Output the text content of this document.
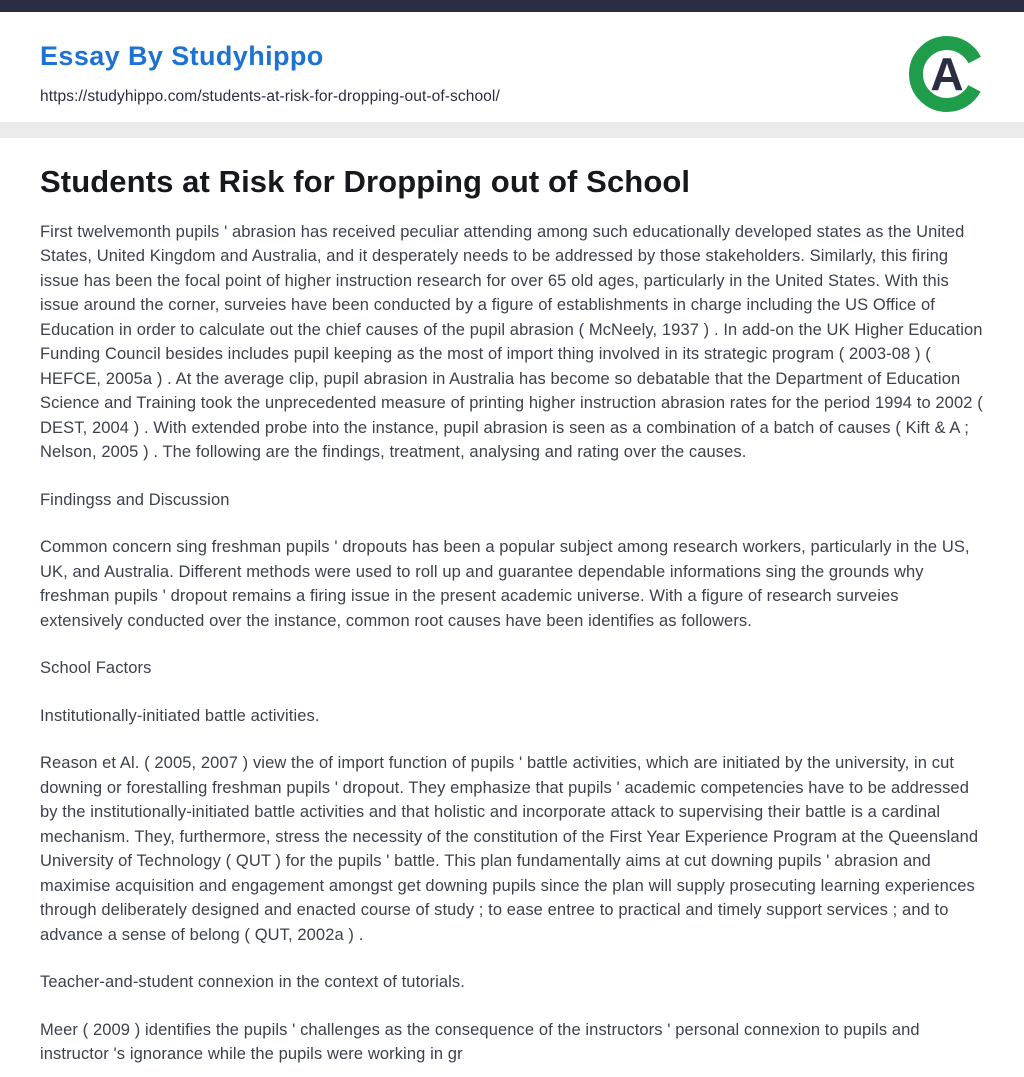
Essay By Studyhippo
https://studyhippo.com/students-at-risk-for-dropping-out-of-school/	A
Students at Risk for Dropping out of School

First twelvemonth pupils ' abrasion has received peculiar attending among such educationally developed states as the United States, United Kingdom and Australia, and it desperately needs to be addressed by those stakeholders. Similarly, this firing issue has been the focal point of higher instruction research for over 65 old ages, particularly in the United States. With this issue around the corner, surveies have been conducted by a figure of establishments in charge including the US Office of Education in order to calculate out the chief causes of the pupil abrasion ( McNeely, 1937 ) . In add-on the UK Higher Education Funding Council besides includes pupil keeping as the most of import thing involved in its strategic program ( 2003-08 ) ( HEFCE, 2005a ) . At the average clip, pupil abrasion in Australia has become so debatable that the Department of Education Science and Training took the unprecedented measure of printing higher instruction abrasion rates for the period 1994 to 2002 ( DEST, 2004 ) . With extended probe into the instance, pupil abrasion is seen as a combination of a batch of causes ( Kift & A ; Nelson, 2005 ) . The following are the findings, treatment, analysing and rating over the causes.

Findingss and Discussion

Common concern sing freshman pupils ' dropouts has been a popular subject among research workers, particularly in the US, UK, and Australia. Different methods were used to roll up and guarantee dependable informations sing the grounds why freshman pupils ' dropout remains a firing issue in the present academic universe. With a figure of research surveies extensively conducted over the instance, common root causes have been identifies as followers.

School Factors

Institutionally-initiated battle activities.

Reason et Al. ( 2005, 2007 ) view the of import function of pupils ' battle activities, which are initiated by the university, in cut downing or forestalling freshman pupils ' dropout. They emphasize that pupils ' academic competencies have to be addressed by the institutionally-initiated battle activities and that holistic and incorporate attack to supervising their battle is a cardinal mechanism. They, furthermore, stress the necessity of the constitution of the First Year Experience Program at the Queensland University of Technology ( QUT ) for the pupils ' battle. This plan fundamentally aims at cut downing pupils ' abrasion and maximise acquisition and engagement amongst get downing pupils since the plan will supply prosecuting learning experiences through deliberately designed and enacted course of study ; to ease entree to practical and timely support services ; and to advance a sense of belong ( QUT, 2002a ) .

Teacher-and-student connexion in the context of tutorials.

Meer ( 2009 ) identifies the pupils ' challenges as the consequence of the instructors ' personal connexion to pupils and instructor 's ignorance while the pupils were working in gr
